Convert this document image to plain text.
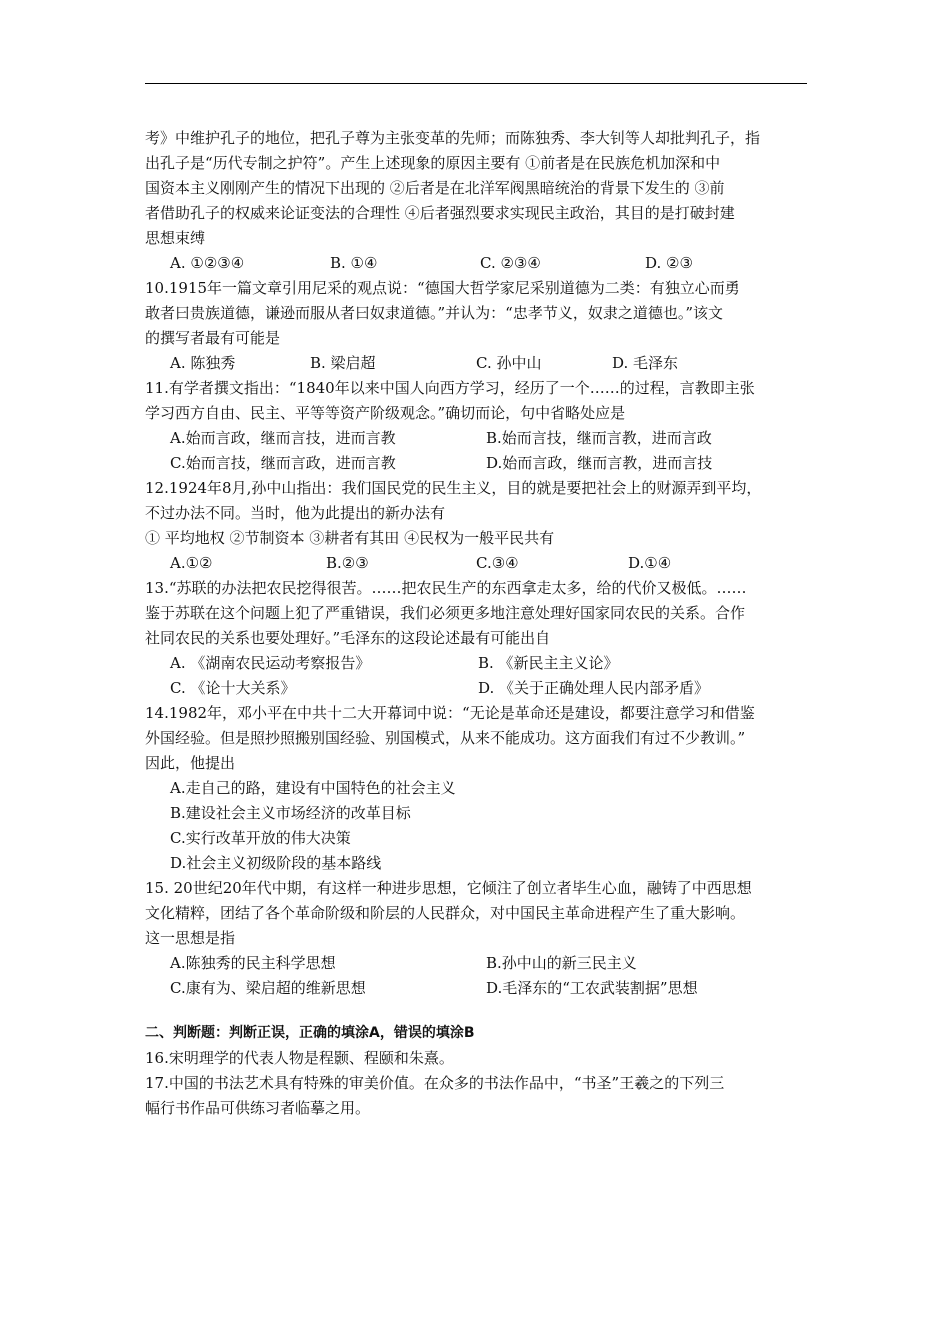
考》中维护孔子的地位，把孔子尊为主张变革的先师；而陈独秀、李大钊等人却批判孔子，指
出孔子是“历代专制之护符”。产生上述现象的原因主要有 ①前者是在民族危机加深和中
国资本主义刚刚产生的情况下出现的 ②后者是在北洋军阀黑暗统治的背景下发生的 ③前
者借助孔子的权威来论证变法的合理性 ④后者强烈要求实现民主政治，其目的是打破封建
思想束缚
A. ①②③④	B. ①④	C. ②③④	D. ②③
10.1915年一篇文章引用尼采的观点说：“德国大哲学家尼采别道德为二类：有独立心而勇
敢者曰贵族道德，谦逊而服从者曰奴隶道德。”并认为：“忠孝节义，奴隶之道德也。”该文
的撰写者最有可能是
A. 陈独秀	B. 梁启超	C. 孙中山	D. 毛泽东
11.有学者撰文指出：“1840年以来中国人向西方学习，经历了一个……的过程，言教即主张
学习西方自由、民主、平等等资产阶级观念。”确切而论，句中省略处应是
A.始而言政，继而言技，进而言教	B.始而言技，继而言教，进而言政
C.始而言技，继而言政，进而言教	D.始而言政，继而言教，进而言技
12.1924年8月,孙中山指出：我们国民党的民生主义，目的就是要把社会上的财源弄到平均，
不过办法不同。当时，他为此提出的新办法有
① 平均地权 ②节制资本 ③耕者有其田 ④民权为一般平民共有
A.①②	B.②③	C.③④	D.①④
13.“苏联的办法把农民挖得很苦。……把农民生产的东西拿走太多，给的代价又极低。……
鉴于苏联在这个问题上犯了严重错误，我们必须更多地注意处理好国家同农民的关系。合作
社同农民的关系也要处理好。”毛泽东的这段论述最有可能出自
A. 《湖南农民运动考察报告》	B. 《新民主主义论》
C. 《论十大关系》	D. 《关于正确处理人民内部矛盾》
14.1982年，邓小平在中共十二大开幕词中说：“无论是革命还是建设，都要注意学习和借鉴
外国经验。但是照抄照搬别国经验、别国模式，从来不能成功。这方面我们有过不少教训。”
因此，他提出
A.走自己的路，建设有中国特色的社会主义
B.建设社会主义市场经济的改革目标
C.实行改革开放的伟大决策
D.社会主义初级阶段的基本路线
15. 20世纪20年代中期，有这样一种进步思想，它倾注了创立者毕生心血，融铸了中西思想
文化精粹，团结了各个革命阶级和阶层的人民群众，对中国民主革命进程产生了重大影响。
这一思想是指
A.陈独秀的民主科学思想	B.孙中山的新三民主义
C.康有为、梁启超的维新思想	D.毛泽东的“工农武装割据”思想
二、判断题：判断正误，正确的填涂A，错误的填涂B
16.宋明理学的代表人物是程颢、程颐和朱熹。
17.中国的书法艺术具有特殊的审美价值。在众多的书法作品中，“书圣”王羲之的下列三
幅行书作品可供练习者临摹之用。
